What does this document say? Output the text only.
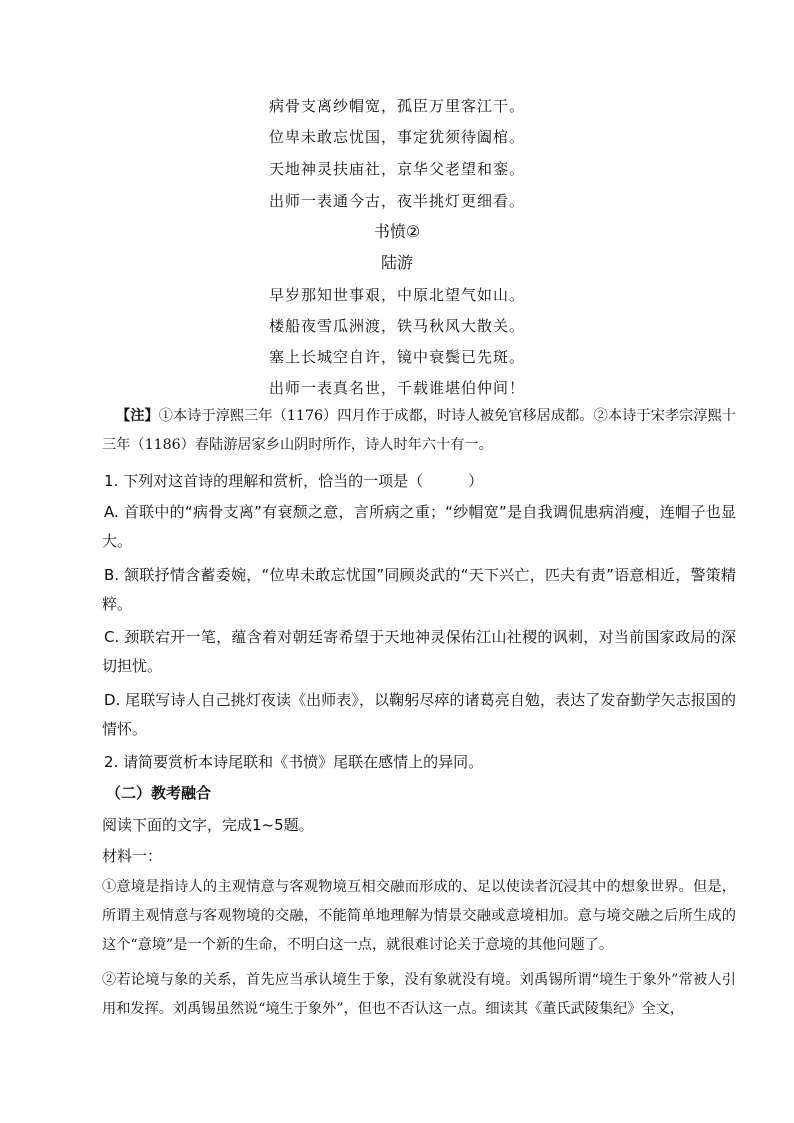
病骨支离纱帽宽，孤臣万里客江干。
位卑未敢忘忧国，事定犹须待阖棺。
天地神灵扶庙社，京华父老望和銮。
出师一表通今古，夜半挑灯更细看。
书愤②
陆游
早岁那知世事艰，中原北望气如山。
楼船夜雪瓜洲渡，铁马秋风大散关。
塞上长城空自许，镜中衰鬓已先斑。
出师一表真名世，千载谁堪伯仲间！
【注】①本诗于淳熙三年（1176）四月作于成都，时诗人被免官移居成都。②本诗于宋孝宗淳熙十三年（1186）春陆游居家乡山阴时所作，诗人时年六十有一。
1. 下列对这首诗的理解和赏析，恰当的一项是（　　　）
A. 首联中的“病骨支离”有衰颓之意，言所病之重；“纱帽宽”是自我调侃患病消瘦，连帽子也显大。
B. 颔联抒情含蓄委婉，“位卑未敢忘忧国”同顾炎武的“天下兴亡，匹夫有责”语意相近，警策精粹。
C. 颈联宕开一笔，蕴含着对朝廷寄希望于天地神灵保佑江山社稷的讽刺，对当前国家政局的深切担忧。
D. 尾联写诗人自己挑灯夜读《出师表》，以鞠躬尽瘁的诸葛亮自勉，表达了发奋勤学矢志报国的情怀。
2. 请简要赏析本诗尾联和《书愤》尾联在感情上的异同。
（二）教考融合
阅读下面的文字，完成1~5题。
材料一：
①意境是指诗人的主观情意与客观物境互相交融而形成的、足以使读者沉浸其中的想象世界。但是，所谓主观情意与客观物境的交融，不能简单地理解为情景交融或意境相加。意与境交融之后所生成的这个“意境”是一个新的生命，不明白这一点，就很难讨论关于意境的其他问题了。
②若论境与象的关系，首先应当承认境生于象，没有象就没有境。刘禹锡所谓“境生于象外”常被人引用和发挥。刘禹锡虽然说“境生于象外”，但也不否认这一点。细读其《董氏武陵集纪》全文，
